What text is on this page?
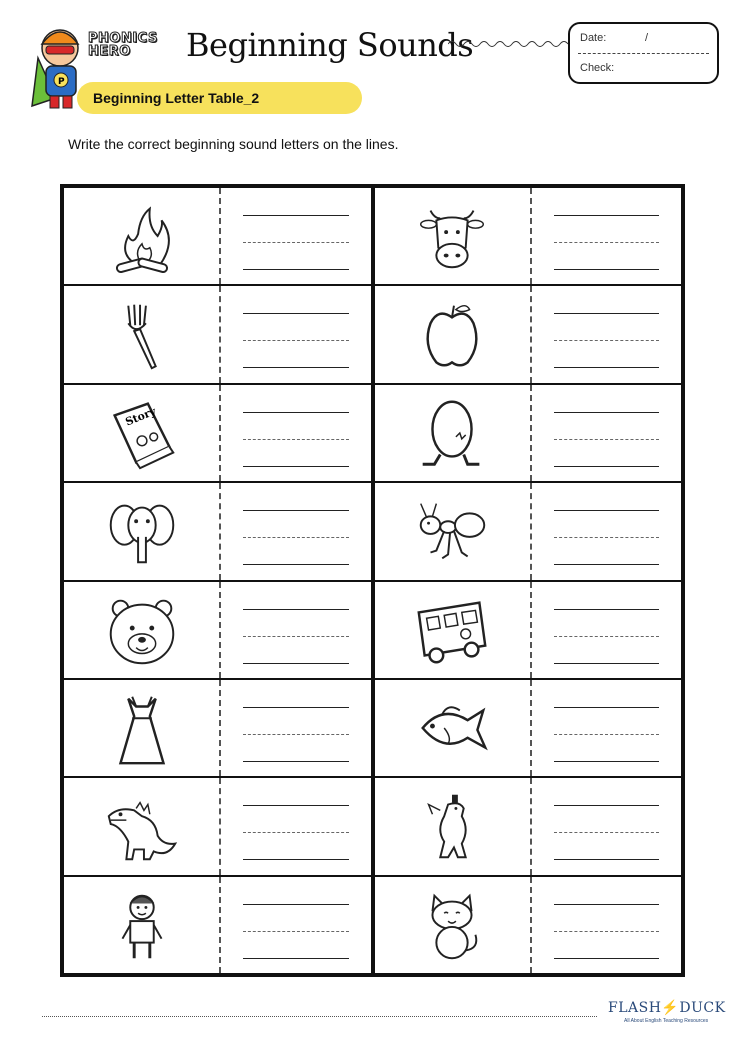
P
PHONICS
HERO	Beginning Sounds	Date:	/
Check:
Beginning Letter Table_2
Write the correct beginning sound letters on the lines.
Story
FLASH⚡DUCK
All About English Teaching Resources
